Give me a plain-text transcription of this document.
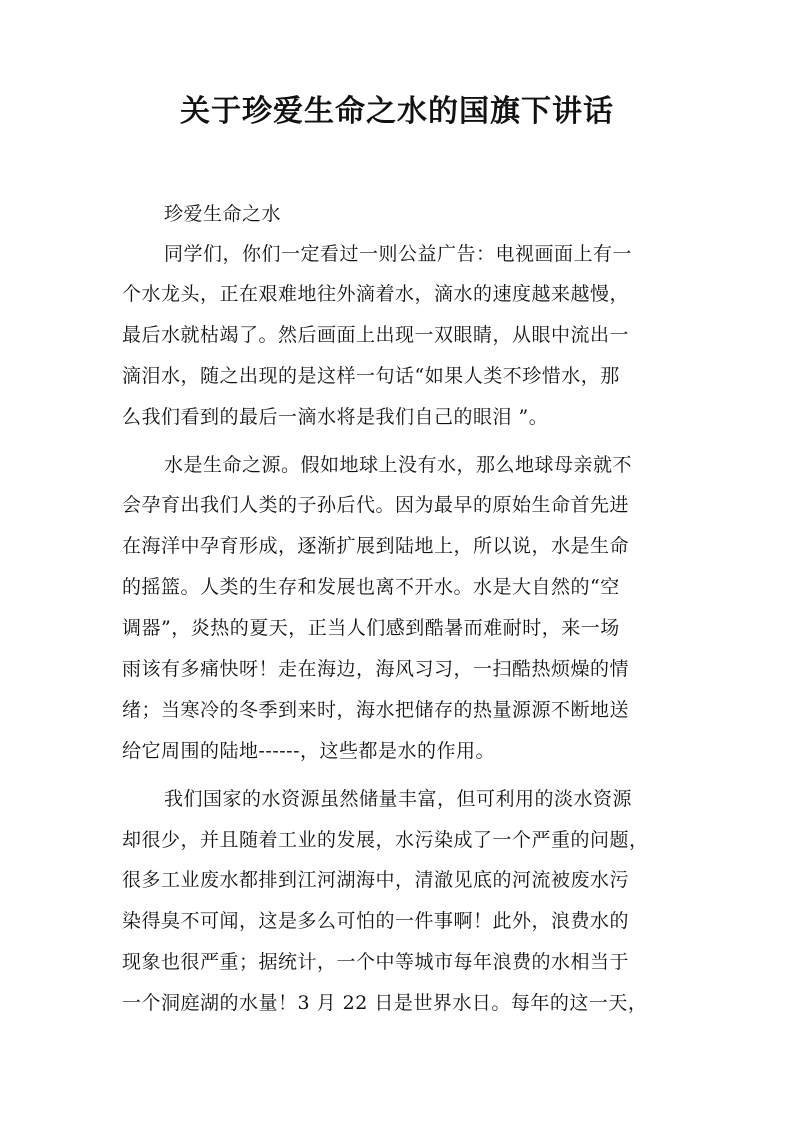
关于珍爱生命之水的国旗下讲话
珍爱生命之水
同学们，你们一定看过一则公益广告：电视画面上有一
个水龙头，正在艰难地往外滴着水，滴水的速度越来越慢，
最后水就枯竭了。然后画面上出现一双眼睛，从眼中流出一
滴泪水，随之出现的是这样一句话“如果人类不珍惜水，那
么我们看到的最后一滴水将是我们自己的眼泪 ”。
水是生命之源。假如地球上没有水，那么地球母亲就不
会孕育出我们人类的子孙后代。因为最早的原始生命首先进
在海洋中孕育形成，逐渐扩展到陆地上，所以说，水是生命
的摇篮。人类的生存和发展也离不开水。水是大自然的“空
调器”，炎热的夏天，正当人们感到酷暑而难耐时，来一场
雨该有多痛快呀！走在海边，海风习习，一扫酷热烦燥的情
绪；当寒冷的冬季到来时，海水把储存的热量源源不断地送
给它周围的陆地------，这些都是水的作用。
我们国家的水资源虽然储量丰富，但可利用的淡水资源
却很少，并且随着工业的发展，水污染成了一个严重的问题，
很多工业废水都排到江河湖海中，清澈见底的河流被废水污
染得臭不可闻，这是多么可怕的一件事啊！此外，浪费水的
现象也很严重；据统计，一个中等城市每年浪费的水相当于
一个洞庭湖的水量！3 月 22 日是世界水日。每年的这一天，
